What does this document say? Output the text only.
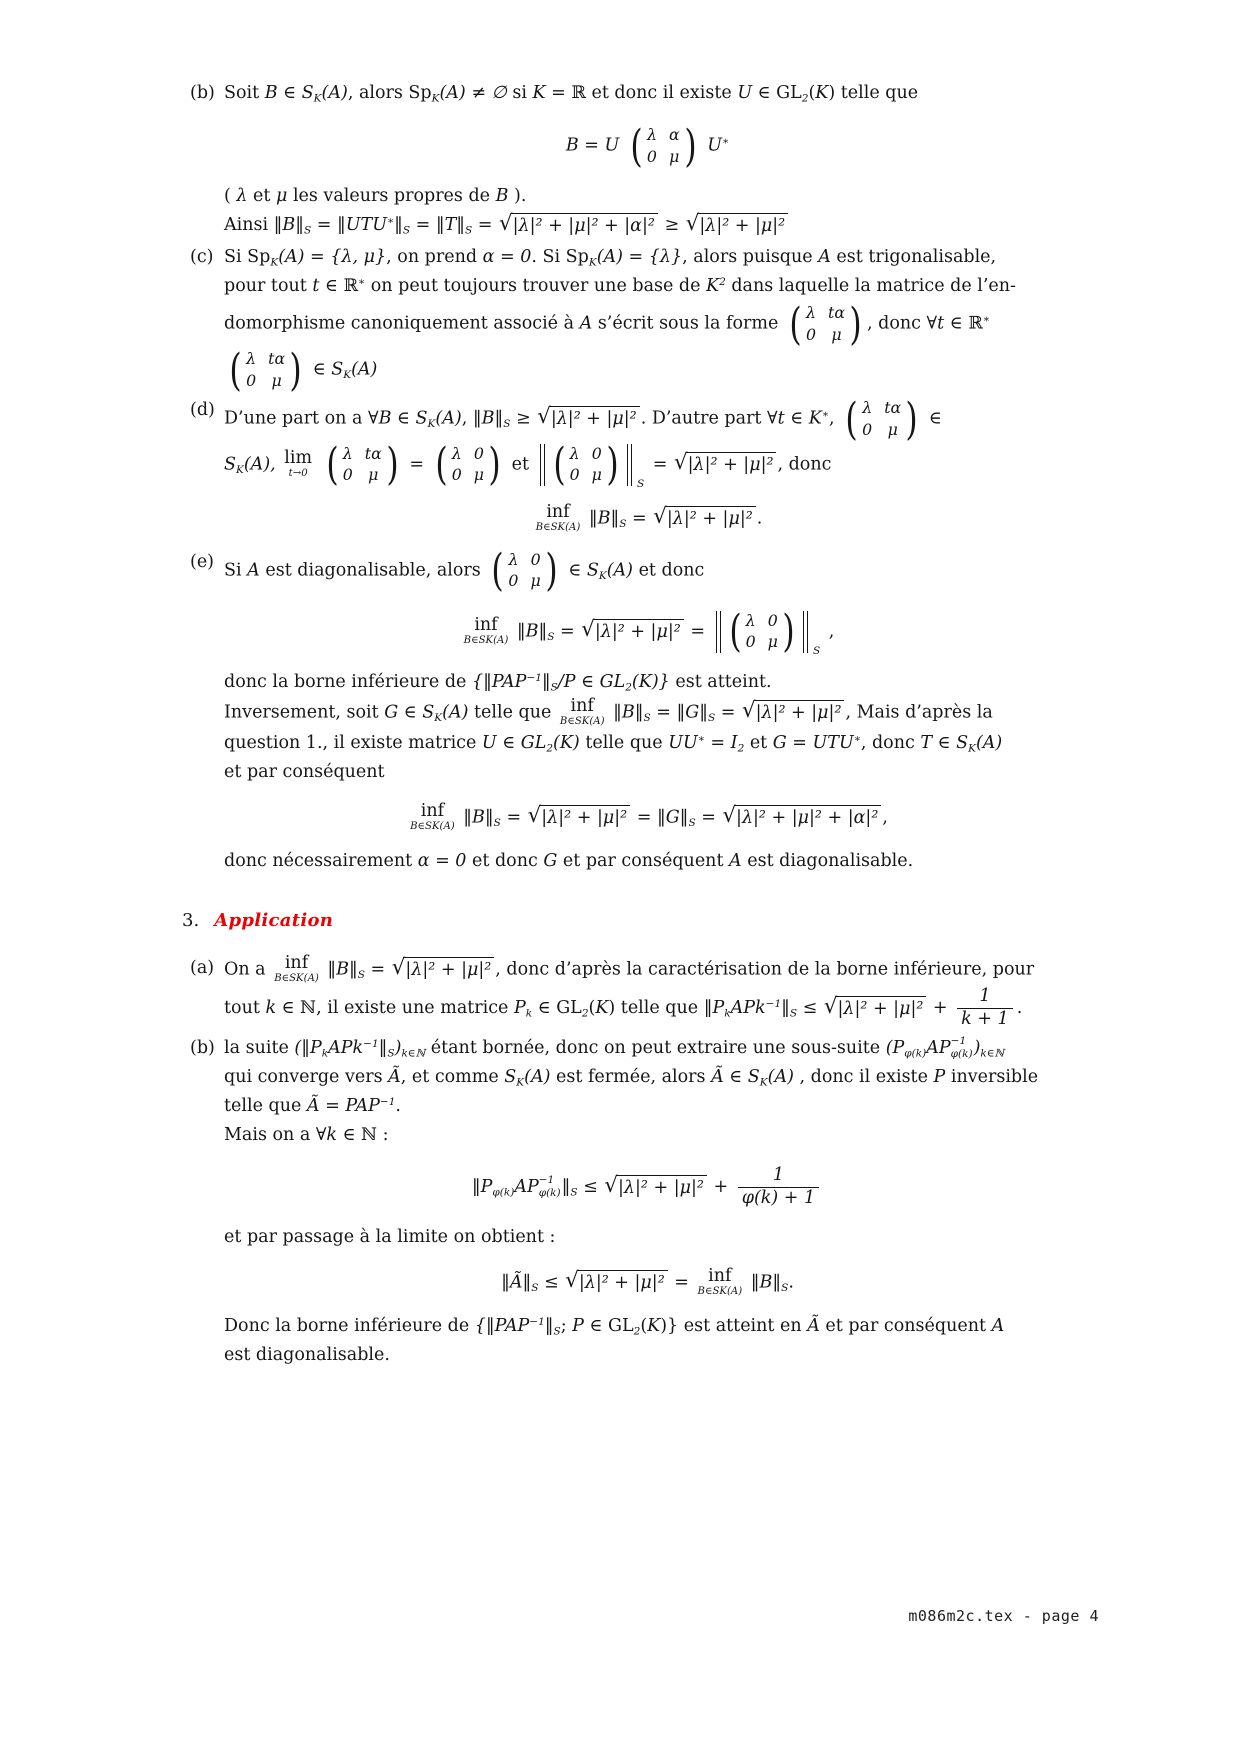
(b) Soit B ∈ $S_K(A)$, alors $Sp_K(A)$ ≠ ∅ si K = ℝ et donc il existe U ∈ $GL_2(K)$ telle que
B = U
(
λ α
0 μ
)
U∗
( λ et μ les valeurs propres de B ).
Ainsi $‖B‖_S$ = $‖UTU^∗‖_S$ = $‖T‖_S$ = √ |λ|² + |μ|² + |α|² ≥ √ |λ|² + |μ|²
(c) Si $Sp_K(A) = \{\lambda$, μ}, on prend α = 0. Si $Sp_K(A) = \{\lambda\}$, alors puisque A est trigonalisable,
pour tout t ∈ ℝ∗ on peut toujours trouver une base de $K^2$ dans laquelle la matrice de l’en-
domorphisme canoniquement associé à A s’écrit sous la forme
(
λ tα
0 μ
)
, donc ∀t ∈ ℝ∗
(
λ tα
0 μ
)
∈ $S_K(A)$
(d) D’une part on a ∀B ∈ $S_K(A)$, $‖B‖_S$ ≥ √ |λ|² + |μ|² . D’autre part ∀t ∈ K∗,
(
λ tα
0 μ
)
∈
$S_K(A)$, lim
t→0

(
λ tα
0 μ
)
=
(
λ 0
0 μ
)
et
(
λ 0
0 μ
)	S
= √ |λ|² + |μ|² , donc
inf
B∈SK(A) $‖B‖_S$ = √ |λ|² + |μ|² .
(e) Si A est diagonalisable, alors
(
λ 0
0 μ
)
∈ $S_K(A)$ et donc
inf
B∈SK(A) $‖B‖_S$ = √ |λ|² + |μ|² =
(
λ 0
0 μ
)	S
,
donc la borne inférieure de {$‖PAP^{-1}‖_S/P$ ∈ $GL_2(K)$} est atteint.
Inversement, soit G ∈ $S_K(A)$ telle que inf
B∈SK(A) $‖B‖_S$ = $‖G‖_S$ = √ |λ|² + |μ|² , Mais d’après la
question 1., il existe matrice U ∈ $GL_2(K)$ telle que $UU^∗ = I_2$ et G = UTU∗, donc T ∈ $S_K(A)$
et par conséquent
inf
B∈SK(A) $‖B‖_S$ = √ $|\lambda|^2 + |\mu|^2 = ‖G‖_S$ = √ |λ|² + |μ|² + |α|² ,
donc nécessairement α = 0 et donc G et par conséquent A est diagonalisable.
3. Application
(a) On a inf
B∈SK(A) $‖B‖_S$ = √ |λ|² + |μ|² , donc d’après la caractérisation de la borne inférieure, pour
tout k ∈ ℕ, il existe une matrice $P_k$ ∈ $GL_2(K)$ telle que $‖P_kAPk^{-1}‖_S$ ≤ √ $|\lambda|^2 + |\mu|^2 + \frac{1}{k + 1}$ .
(b) la suite $(‖P_kAPk^{-1}‖_S)_{k\in ℕ}$ étant bornée, donc on peut extraire une sous-suite ($P_{\varphi(k)}AP -1$
φ(k) )$_{k\in ℕ}$
qui converge vers Ã, et comme $S_K(A)$ est fermée, alors Ã ∈ $S_K(A)$ , donc il existe P inversible
telle que Ã = $PAP^{-1}$.
Mais on a ∀k ∈ ℕ :
$‖P_{\varphi(k)}AP -1$
φ(k) $‖_S$ ≤ √ $|\lambda|^2 + |\mu|^2 + \frac{1}{\varphi(k) + 1}$
et par passage à la limite on obtient :
$‖Ã‖_S$ ≤ √ |λ|² + |μ|² = inf
B∈SK(A) $‖B‖_S$.
Donc la borne inférieure de {$‖PAP^{-1}‖_S$; P ∈ $GL_2(K)$} est atteint en Ã et par conséquent A
est diagonalisable.
m086m2c.tex - page 4
